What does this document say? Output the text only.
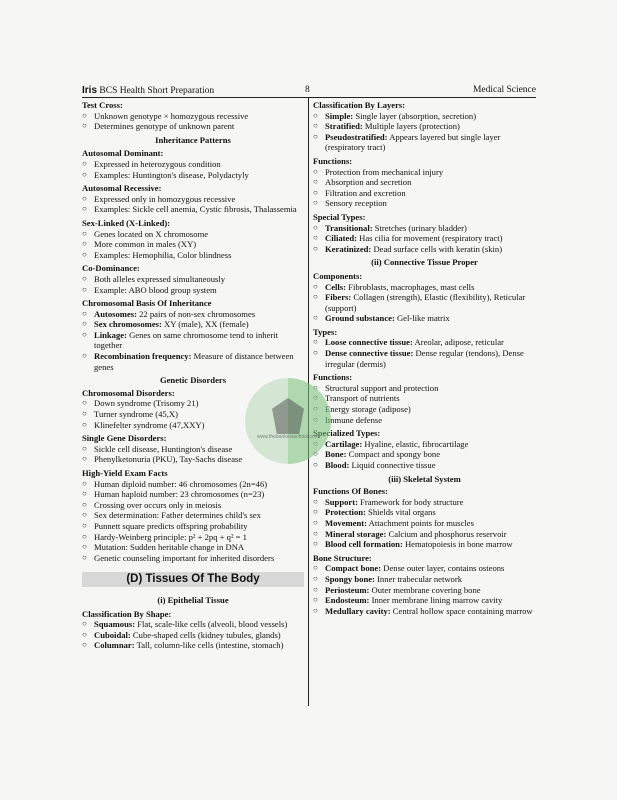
Iris BCS Health Short Preparation	8	Medical Science
Test Cross:
○ Unknown genotype × homozygous recessive
○ Determines genotype of unknown parent
Inheritance Patterns
Autosomal Dominant:
○ Expressed in heterozygous condition
○ Examples: Huntington's disease, Polydactyly
Autosomal Recessive:
○ Expressed only in homozygous recessive
○ Examples: Sickle cell anemia, Cystic fibrosis, Thalassemia
Sex-Linked (X-Linked):
○ Genes located on X chromosome
○ More common in males (XY)
○ Examples: Hemophilia, Color blindness
Co-Dominance:
○ Both alleles expressed simultaneously
○ Example: ABO blood group system
Chromosomal Basis Of Inheritance
○ Autosomes: 22 pairs of non-sex chromosomes
○ Sex chromosomes: XY (male), XX (female)
○ Linkage: Genes on same chromosome tend to inherit together
○ Recombination frequency: Measure of distance between genes
Genetic Disorders
Chromosomal Disorders:
○ Down syndrome (Trisomy 21)
○ Turner syndrome (45,X)
○ Klinefelter syndrome (47,XXY)
Single Gene Disorders:
○ Sickle cell disease, Huntington's disease
○ Phenylketonuria (PKU), Tay-Sachs disease
High-Yield Exam Facts
○ Human diploid number: 46 chromosomes (2n=46)
○ Human haploid number: 23 chromosomes (n=23)
○ Crossing over occurs only in meiosis
○ Sex determination: Father determines child's sex
○ Punnett square predicts offspring probability
○ Hardy-Weinberg principle: p² + 2pq + q² = 1
○ Mutation: Sudden heritable change in DNA
○ Genetic counseling important for inherited disorders
(D) Tissues Of The Body
(i) Epithelial Tissue
Classification By Shape:
○ Squamous: Flat, scale-like cells (alveoli, blood vessels)
○ Cuboidal: Cube-shaped cells (kidney tubules, glands)
○ Columnar: Tall, column-like cells (intestine, stomach)
Classification By Layers:
○ Simple: Single layer (absorption, secretion)
○ Stratified: Multiple layers (protection)
○ Pseudostratified: Appears layered but single layer (respiratory tract)
Functions:
○ Protection from mechanical injury
○ Absorption and secretion
○ Filtration and excretion
○ Sensory reception
Special Types:
○ Transitional: Stretches (urinary bladder)
○ Ciliated: Has cilia for movement (respiratory tract)
○ Keratinized: Dead surface cells with keratin (skin)
(ii) Connective Tissue Proper
Components:
○ Cells: Fibroblasts, macrophages, mast cells
○ Fibers: Collagen (strength), Elastic (flexibility), Reticular (support)
○ Ground substance: Gel-like matrix
Types:
○ Loose connective tissue: Areolar, adipose, reticular
○ Dense connective tissue: Dense regular (tendons), Dense irregular (dermis)
Functions:
○ Structural support and protection
○ Transport of nutrients
○ Energy storage (adipose)
○ Immune defense
Specialized Types:
○ Cartilage: Hyaline, elastic, fibrocartilage
○ Bone: Compact and spongy bone
○ Blood: Liquid connective tissue
(iii) Skeletal System
Functions Of Bones:
○ Support: Framework for body structure
○ Protection: Shields vital organs
○ Movement: Attachment points for muscles
○ Mineral storage: Calcium and phosphorus reservoir
○ Blood cell formation: Hematopoiesis in bone marrow
Bone Structure:
○ Compact bone: Dense outer layer, contains osteons
○ Spongy bone: Inner trabecular network
○ Periosteum: Outer membrane covering bone
○ Endosteum: Inner membrane lining marrow cavity
○ Medullary cavity: Central hollow space containing marrow
www.thebankersschool.com
